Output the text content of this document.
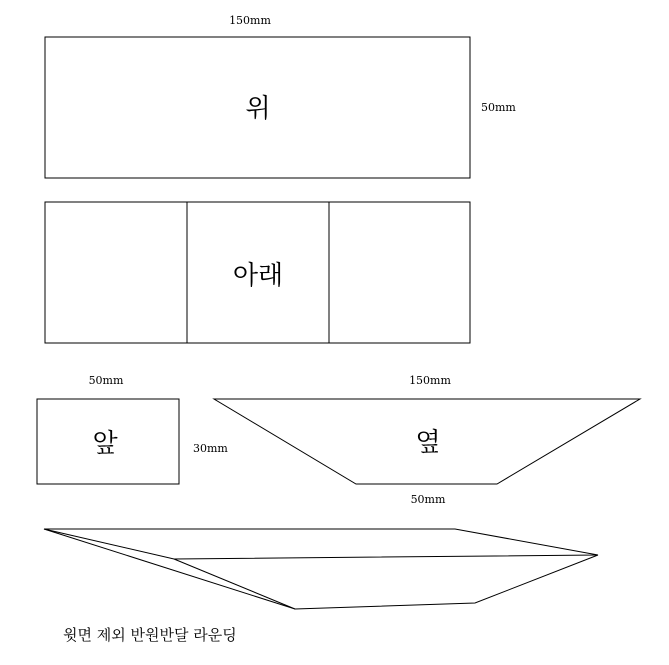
150mm
위	50mm
아래
50mm
앞	30mm
150mm
옆
50mm
윗면 제외 반원반달 라운딩
